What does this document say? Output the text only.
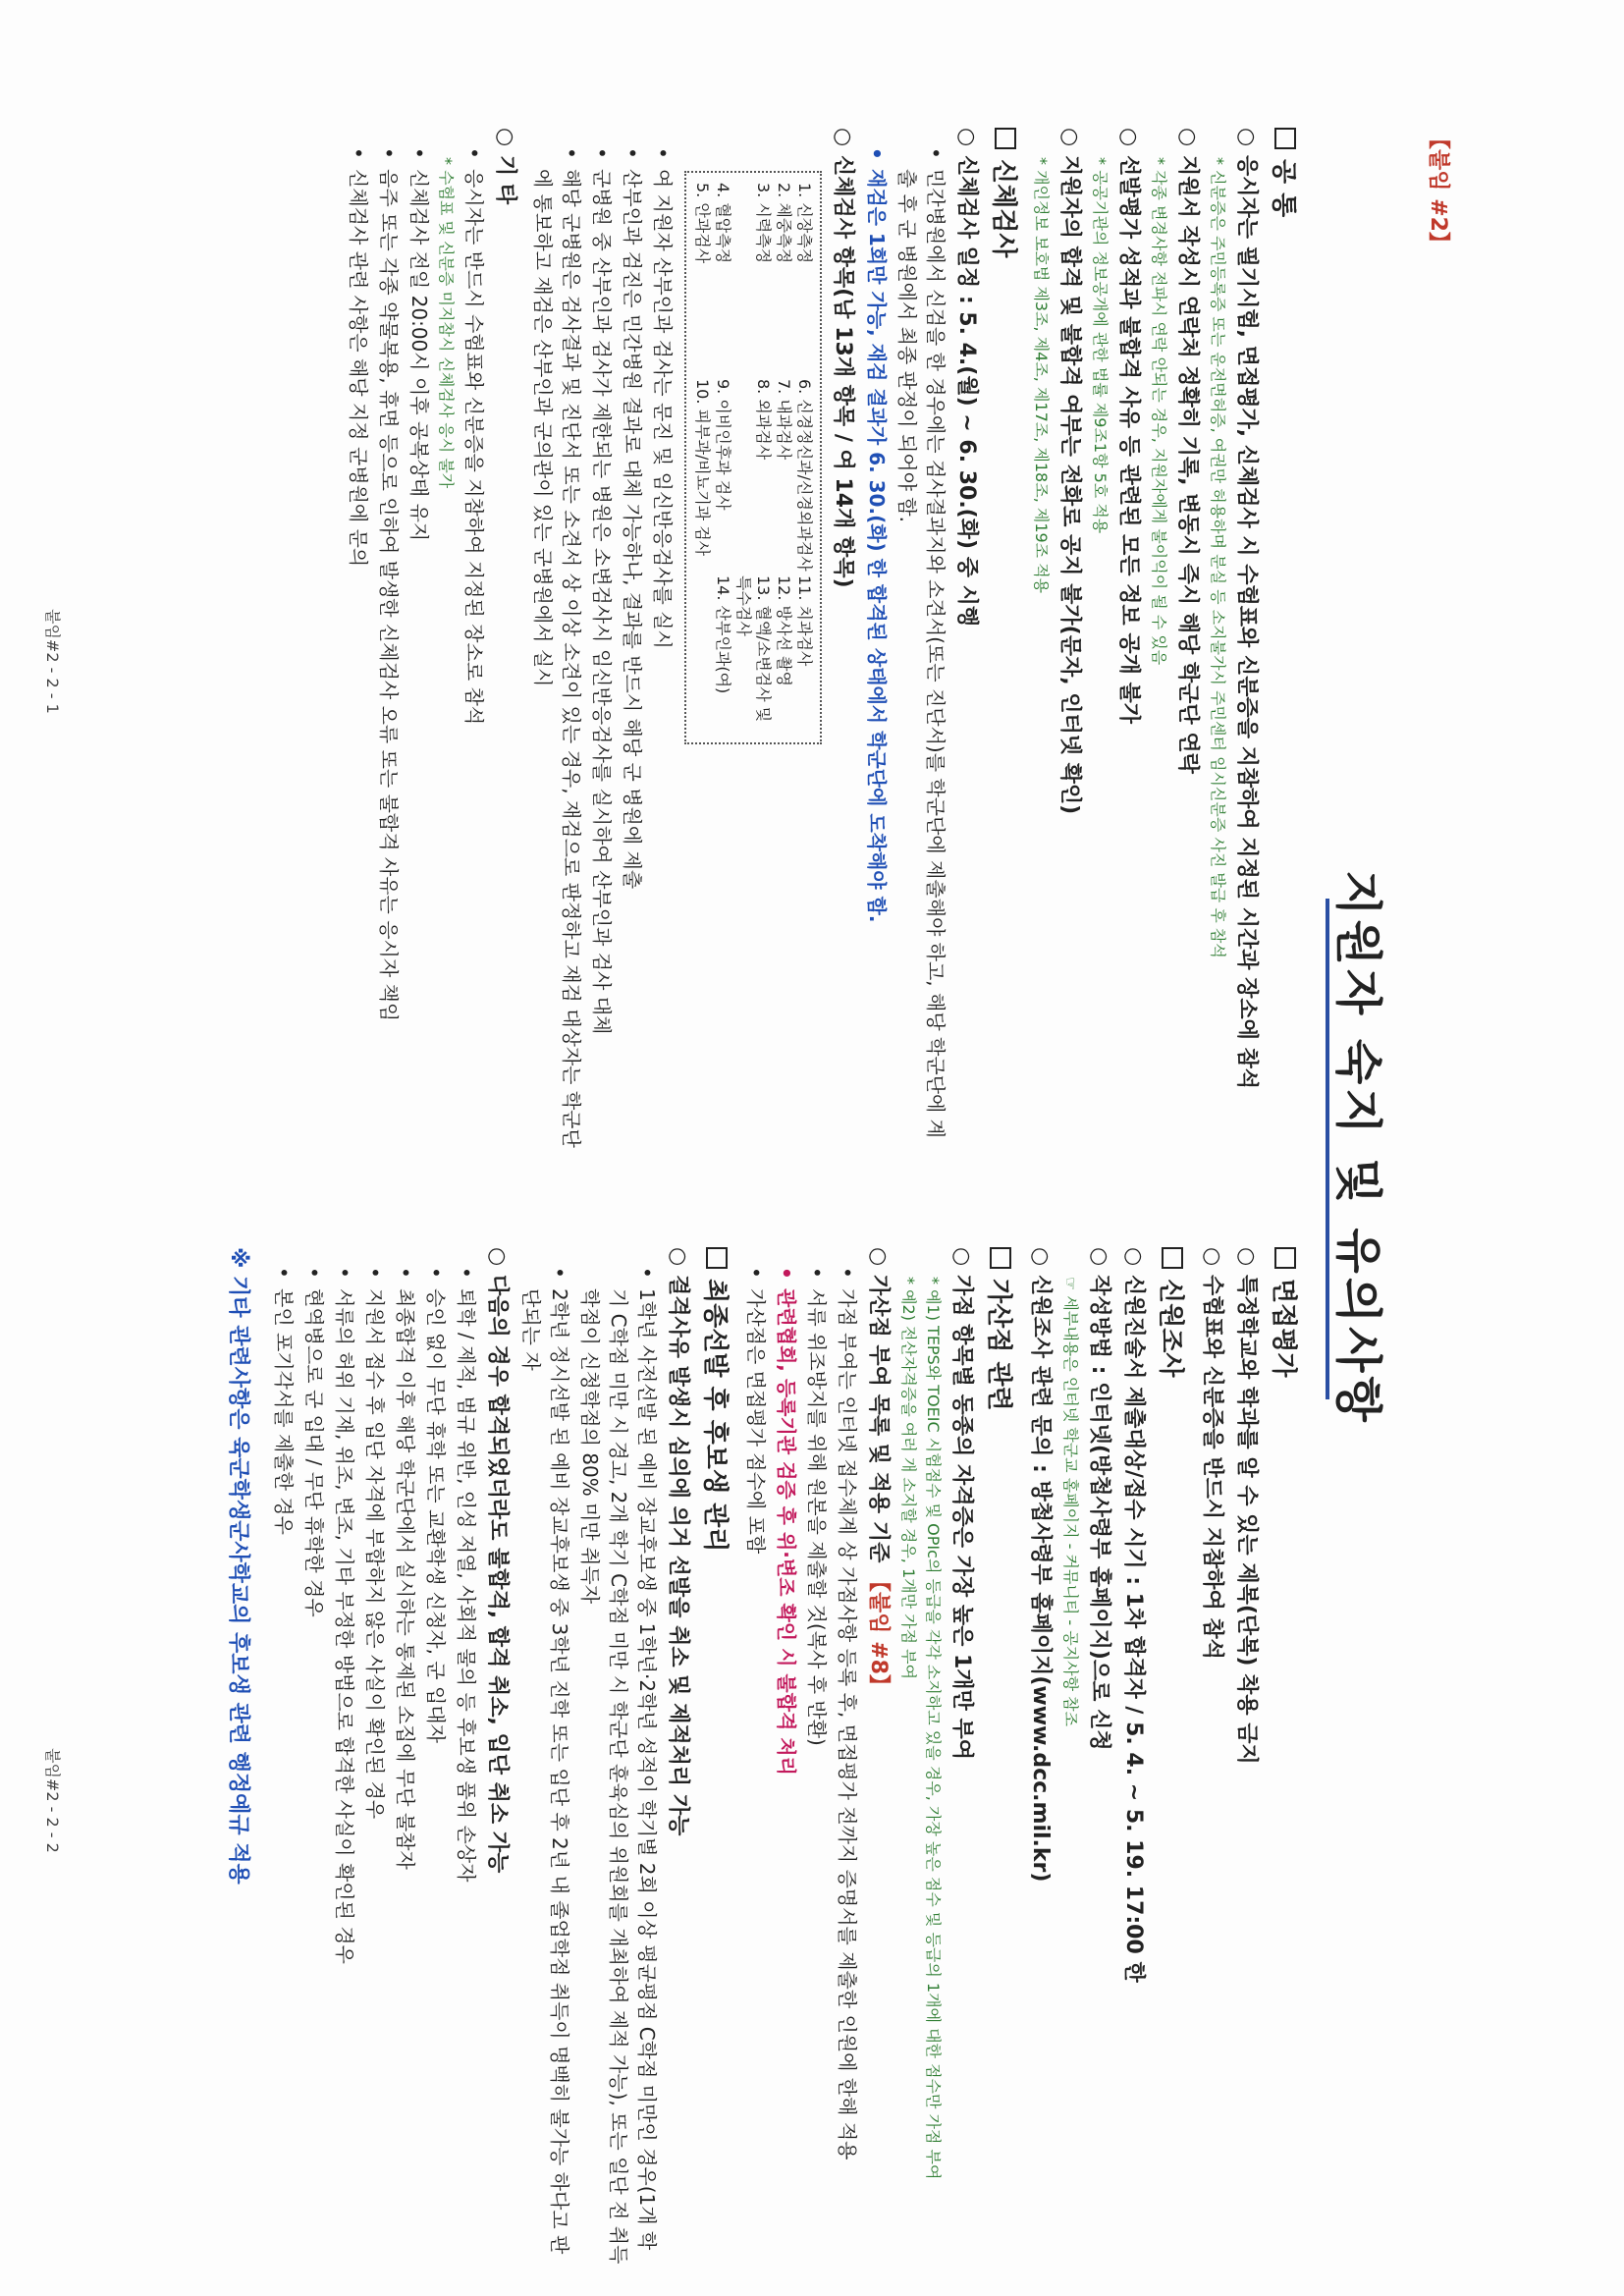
【붙임 #2】
지원자 숙지 및 유의사항
공 통
○응시자는 필기시험, 면접평가, 신체검사 시 수험표와 신분증을 지참하여 지정된 시간과 장소에 참석
* 신분증은 주민등록증 또는 운전면허증, 여권만 허용하며 분실 등 소지불가시 주민센터 임시신분증 사진 발급 후 참석
○지원서 작성시 연락처 정확히 기록, 변동시 즉시 해당 학군단 연락
* 각종 변경사항 전파시 연락 안되는 경우, 지원자에게 불이익이 될 수 있음
○선발평가 성적과 불합격 사유 등 관련된 모든 정보 공개 불가
* 공공기관의 정보공개에 관한 법률 제9조1항 5호 적용
○지원자의 합격 및 불합격 여부는 전화로 공지 불가(문자, 인터넷 확인)
* 개인정보 보호법 제3조, 제4조, 제17조, 제18조, 제19조 적용
신체검사
○신체검사 일정 : 5. 4.(월) ~ 6. 30.(화) 중 시행
•민간병원에서 신검을 한 경우에는 검사결과지와 소견서(또는 진단서)를 학군단에 제출해야 하고, 해당 학군단에 계출 후 군 병원에서 최종 판정이 되어야 함.
•재검은 1회만 가능, 재검 결과가 6. 30.(화) 한 합격된 상태에서 학군단에 도착해야 함.
○신체검사 항목(남 13개 항목 / 여 14개 항목)
1. 신장측정
6. 신경정신과/신경외과검사
11. 치과검사
2. 체중측정
7. 내과검사
12. 방사선 촬영
3. 시력측정
8. 외과검사
13. 혈액/소변검사 및 특수검사
4. 혈압측정
9. 이비인후과 검사
14. 산부인과(여)
5. 안과검사
10. 피부과/비뇨기과 검사
•여 지원자 산부인과 검사는 문진 및 임신반응검사를 실시
•산부인과 검진은 민간병원 결과로 대체 가능하나, 결과를 반드시 해당 군 병원에 제출
•군병원 중 산부인과 검사가 제한되는 병원은 소변검사시 임신반응검사를 실시하여 산부인과 검사 대체
•해당 군병원은 검사결과 및 진단서 또는 소견서 상 이상 소견이 있는 경우, 재검으로 판정하고 재검 대상자는 학군단에 통보하고 재검은 산부인과 군의관이 있는 군병원에서 실시
○기 타
•응시자는 반드시 수험표와 신분증을 지참하여 지정된 장소로 참석
* 수험표 및 신분증 미지참시 신체검사 응시 불가
•신체검사 전일 20:00시 이후 공복상태 유지
•음주 또는 각종 약물복용, 휴면 등으로 인하여 발생한 신체검사 오류 또는 불합격 사유는 응시자 책임
•신체검사 관련 사항은 해당 지정 군병원에 문의
붙임#2 - 2 - 1
면접평가
○특정학교와 학과를 알 수 있는 제복(단복) 착용 금지
○수험표와 신분증을 반드시 지참하여 참석
신원조사
○신원진술서 제출대상/접수 시기 : 1차 합격자 / 5. 4. ~ 5. 19. 17:00 한
○작성방법 : 인터넷(방첩사령부 홈페이지)으로 신청
☞ 세부내용은 인터넷 학군교 홈페이지 - 커뮤니티 - 공지사항 참조
○신원조사 관련 문의 : 방첩사령부 홈페이지(www.dcc.mil.kr)
가산점 관련
○가점 항목별 동종의 자격증은 가장 높은 1개만 부여
* 예1) TEPS와 TOEIC 시험점수 및 OPIc의 등급을 각각 소지하고 있을 경우, 가장 높은 점수 및 등급의 1개에 대한 점수만 가점 부여
* 예2) 전산자격증을 여러 개 소지할 경우, 1개만 가점 부여
○가산점 부여 목록 및 적용 기준 【붙임 #8】
•가점 부여는 인터넷 접수체계 상 가점사항 등록 후, 면접평가 전까지 증명서를 제출한 인원에 한해 적용
•서류 위조방지를 위해 원본을 제출할 것(복사 후 반환)
•관련협회, 등록기관 검증 후 위·변조 확인 시 불합격 처리
•가산점은 면접평가 점수에 포함
최종선발 후 후보생 관리
○결격사유 발생시 심의에 의거 선발을 취소 및 제적처리 가능
•1학년 사전선발 된 예비 장교후보생 중 1학년·2학년 성적이 학기별 2회 이상 평균평점 C학점 미만인 경우(1개 학기 C학점 미만 시 경고, 2개 학기 C학점 미만 시 학군단 훈육심의 위원회를 개최하여 제적 가능), 또는 일단 전 취득학점이 신청학점의 80% 미만 취득자
•2학년 정시선발 된 예비 장교후보생 중 3학년 진학 또는 입단 후 2년 내 졸업학점 취득이 명백히 불가능 하다고 판단되는 자
○다음의 경우 합격되었더라도 불합격, 합격 취소, 입단 취소 가능
•퇴학 / 제적, 범규 위반, 인성 저열, 사회적 물의 등 후보생 품위 손상자
•승인 없이 무단 휴학 또는 교환학생 신청자, 군 입대자
•최종합격 이후 해당 학군단에서 실시하는 통제된 소집에 무단 불참자
•지원서 접수 후 입단 자격에 부합하지 않은 사실이 확인된 경우
•서류의 허위 기재, 위조, 변조, 기타 부정한 방법으로 합격한 사실이 확인된 경우
•현역병으로 군 입대 / 무단 휴학한 경우
•본인 포기각서를 제출한 경우
※ 기타 관련사항은 육군학생군사학교의 후보생 관련 행정예규 적용
붙임#2 - 2 - 2
